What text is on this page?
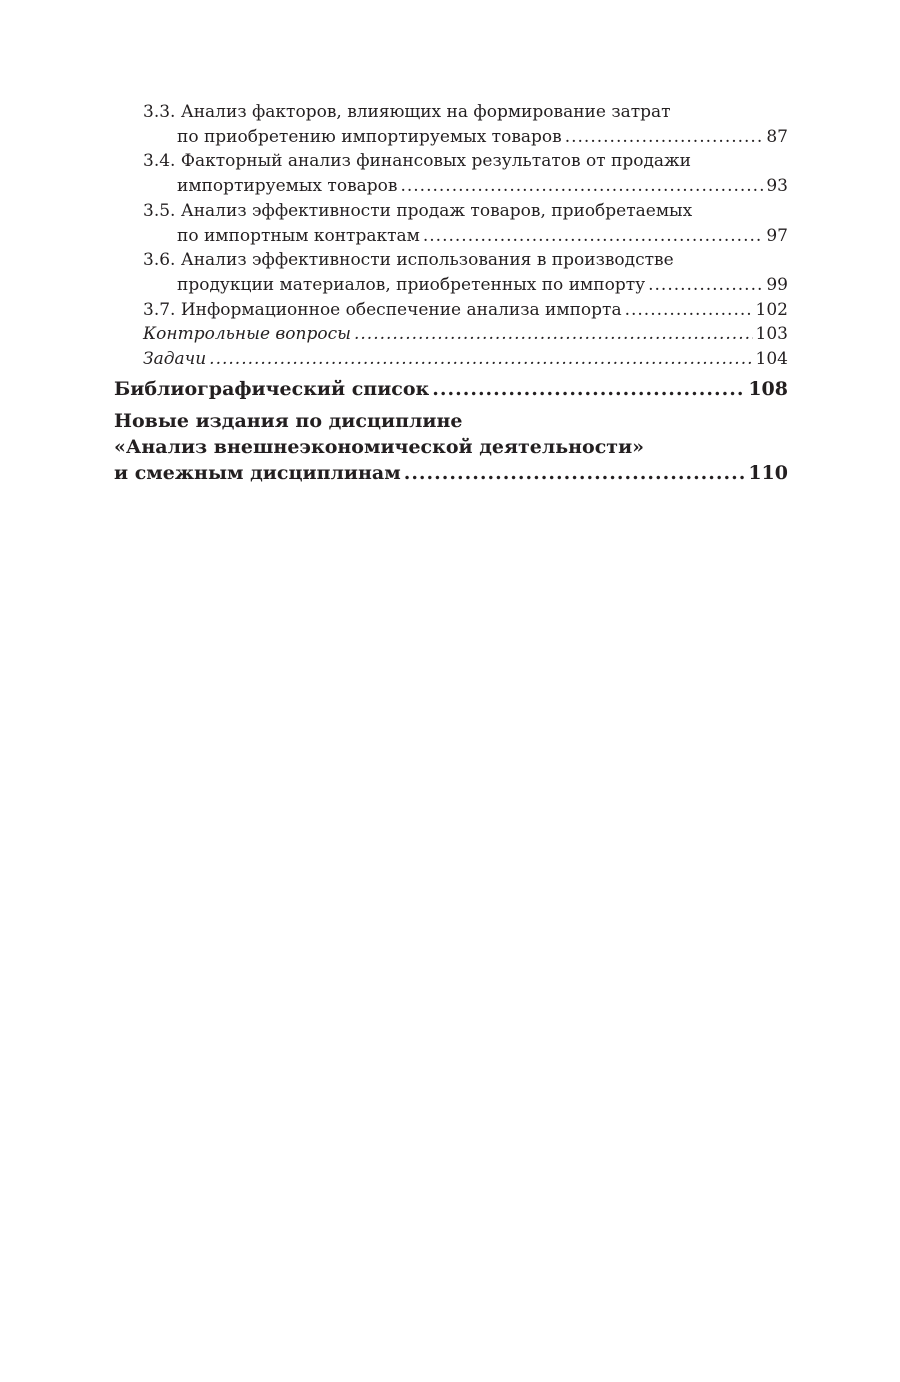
3.3. Анализ факторов, влияющих на формирование затрат
по приобретению импортируемых товаров .....	87
3.4. Факторный анализ финансовых результатов от продажи
импортируемых товаров .....	93
3.5. Анализ эффективности продаж товаров, приобретаемых
по импортным контрактам .....	97
3.6. Анализ эффективности использования в производстве
продукции материалов, приобретенных по импорту .....	99
3.7. Информационное обеспечение анализа импорта .....	102
Контрольные вопросы .....	103
Задачи .....	104
Библиографический список .....	108
Новые издания по дисциплине
«Анализ внешнеэкономической деятельности»
и смежным дисциплинам .....	110
